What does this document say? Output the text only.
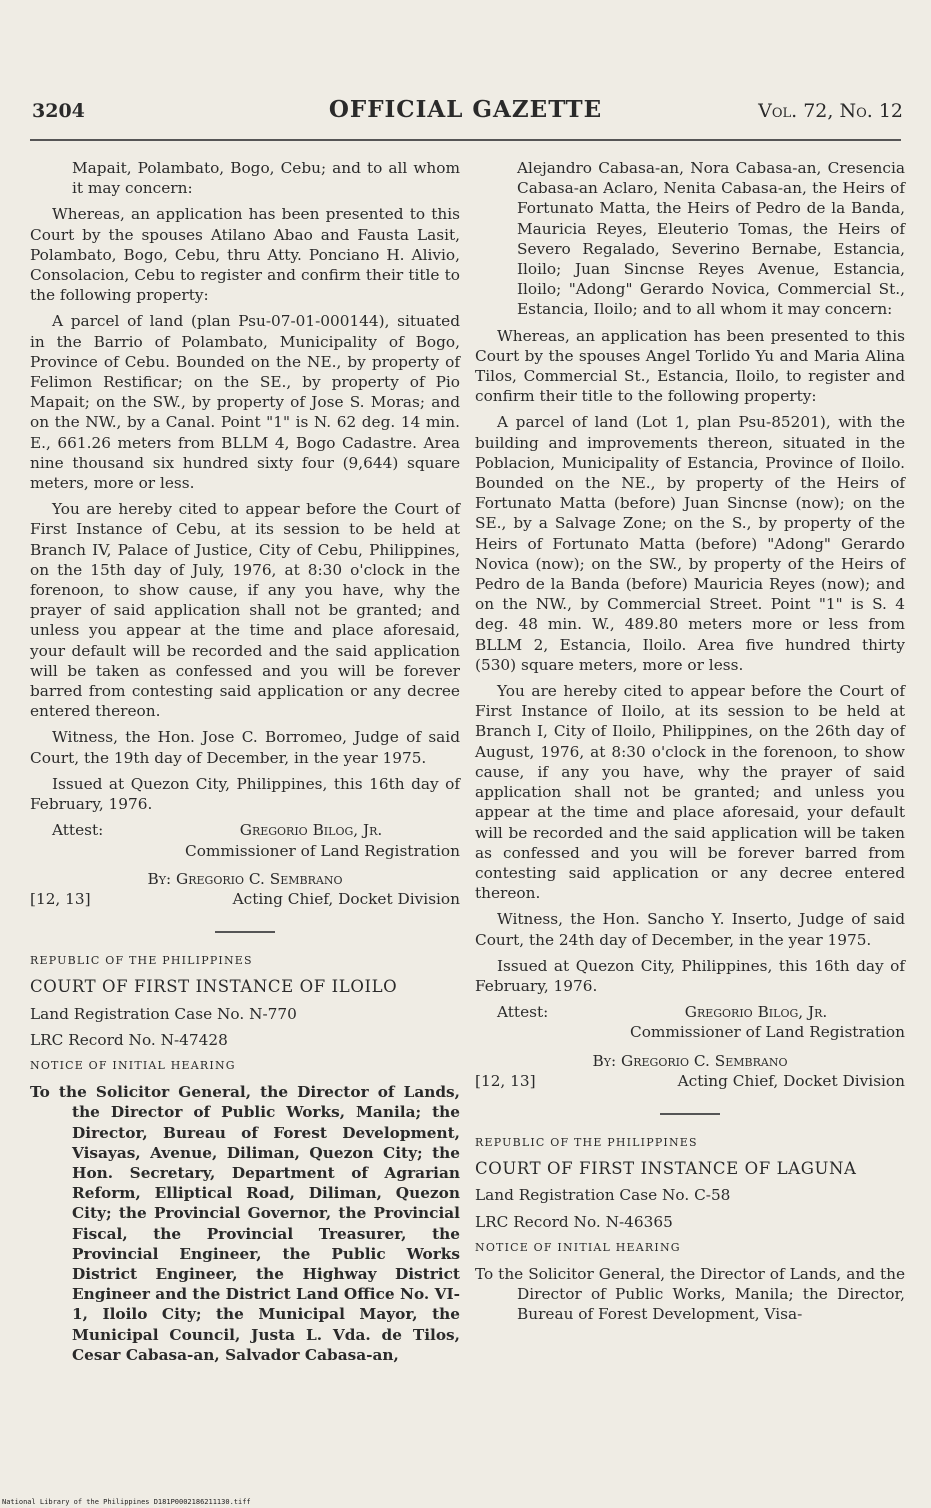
3204	OFFICIAL GAZETTE	Vol. 72, No. 12

Mapait, Polambato, Bogo, Cebu; and to all whom it may concern:

Whereas, an application has been presented to this Court by the spouses Atilano Abao and Fausta Lasit, Polambato, Bogo, Cebu, thru Atty. Ponciano H. Alivio, Consolacion, Cebu to register and confirm their title to the following property:

A parcel of land (plan Psu-07-01-000144), situated in the Barrio of Polambato, Municipality of Bogo, Province of Cebu. Bounded on the NE., by property of Felimon Restificar; on the SE., by property of Pio Mapait; on the SW., by property of Jose S. Moras; and on the NW., by a Canal. Point "1" is N. 62 deg. 14 min. E., 661.26 meters from BLLM 4, Bogo Cadastre. Area nine thousand six hundred sixty four (9,644) square meters, more or less.

You are hereby cited to appear before the Court of First Instance of Cebu, at its session to be held at Branch IV, Palace of Justice, City of Cebu, Philippines, on the 15th day of July, 1976, at 8:30 o'clock in the forenoon, to show cause, if any you have, why the prayer of said application shall not be granted; and unless you appear at the time and place aforesaid, your default will be recorded and the said application will be taken as confessed and you will be forever barred from contesting said application or any decree entered thereon.

Witness, the Hon. Jose C. Borromeo, Judge of said Court, the 19th day of December, in the year 1975.

Issued at Quezon City, Philippines, this 16th day of February, 1976.

Attest:	Gregorio Bilog, Jr.
Commissioner of Land Registration
By: Gregorio C. Sembrano
[12, 13]	Acting Chief, Docket Division

REPUBLIC OF THE PHILIPPINES

COURT OF FIRST INSTANCE OF ILOILO

Land Registration Case No. N-770

LRC Record No. N-47428

NOTICE OF INITIAL HEARING

To the Solicitor General, the Director of Lands, the Director of Public Works, Manila; the Director, Bureau of Forest Development, Visayas, Avenue, Diliman, Quezon City; the Hon. Secretary, Department of Agrarian Reform, Elliptical Road, Diliman, Quezon City; the Provincial Governor, the Provincial Fiscal, the Provincial Treasurer, the Provincial Engineer, the Public Works District Engineer, the Highway District Engineer and the District Land Office No. VI-1, Iloilo City; the Municipal Mayor, the Municipal Council, Justa L. Vda. de Tilos, Cesar Cabasa-an, Salvador Cabasa-an,

Alejandro Cabasa-an, Nora Cabasa-an, Cresencia Cabasa-an Aclaro, Nenita Cabasa-an, the Heirs of Fortunato Matta, the Heirs of Pedro de la Banda, Mauricia Reyes, Eleuterio Tomas, the Heirs of Severo Regalado, Severino Bernabe, Estancia, Iloilo; Juan Sincnse Reyes Avenue, Estancia, Iloilo; "Adong" Gerardo Novica, Commercial St., Estancia, Iloilo; and to all whom it may concern:

Whereas, an application has been presented to this Court by the spouses Angel Torlido Yu and Maria Alina Tilos, Commercial St., Estancia, Iloilo, to register and confirm their title to the following property:

A parcel of land (Lot 1, plan Psu-85201), with the building and improvements thereon, situated in the Poblacion, Municipality of Estancia, Province of Iloilo. Bounded on the NE., by property of the Heirs of Fortunato Matta (before) Juan Sincnse (now); on the SE., by a Salvage Zone; on the S., by property of the Heirs of Fortunato Matta (before) "Adong" Gerardo Novica (now); on the SW., by property of the Heirs of Pedro de la Banda (before) Mauricia Reyes (now); and on the NW., by Commercial Street. Point "1" is S. 4 deg. 48 min. W., 489.80 meters more or less from BLLM 2, Estancia, Iloilo. Area five hundred thirty (530) square meters, more or less.

You are hereby cited to appear before the Court of First Instance of Iloilo, at its session to be held at Branch I, City of Iloilo, Philippines, on the 26th day of August, 1976, at 8:30 o'clock in the forenoon, to show cause, if any you have, why the prayer of said application shall not be granted; and unless you appear at the time and place aforesaid, your default will be recorded and the said application will be taken as confessed and you will be forever barred from contesting said application or any decree entered thereon.

Witness, the Hon. Sancho Y. Inserto, Judge of said Court, the 24th day of December, in the year 1975.

Issued at Quezon City, Philippines, this 16th day of February, 1976.

Attest:	Gregorio Bilog, Jr.
Commissioner of Land Registration
By: Gregorio C. Sembrano
[12, 13]	Acting Chief, Docket Division

REPUBLIC OF THE PHILIPPINES

COURT OF FIRST INSTANCE OF LAGUNA

Land Registration Case No. C-58

LRC Record No. N-46365

NOTICE OF INITIAL HEARING

To the Solicitor General, the Director of Lands, and the Director of Public Works, Manila; the Director, Bureau of Forest Development, Visa-

National Library of the Philippines D181P0002186211130.tiff
